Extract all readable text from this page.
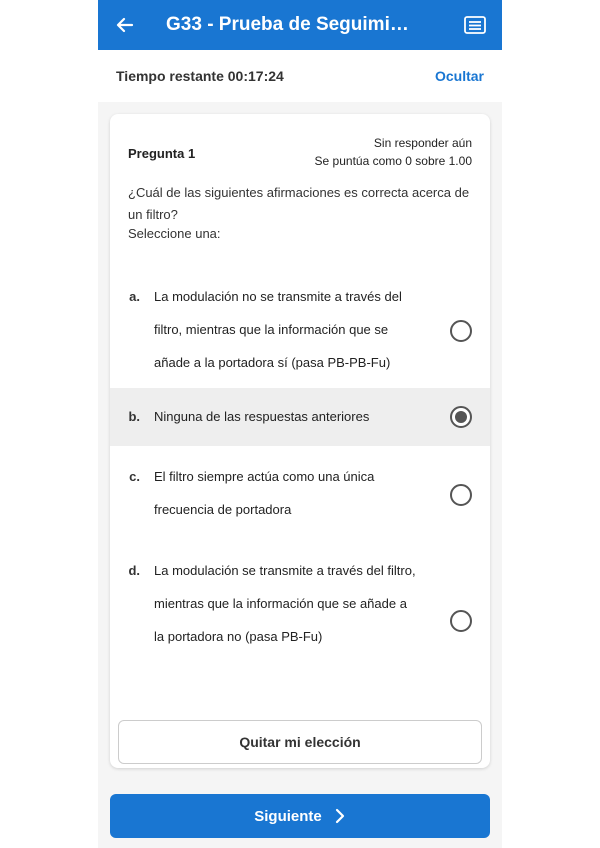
G33 - Prueba de Seguimi…
Tiempo restante 00:17:24	Ocultar
Pregunta 1
Sin responder aún
Se puntúa como 0 sobre 1.00
¿Cuál de las siguientes afirmaciones es correcta acerca de un filtro?
Seleccione una:
a.	La modulación no se transmite a través del filtro, mientras que la información que se añade a la portadora sí (pasa PB-PB-Fu)
b.	Ninguna de las respuestas anteriores
c.	El filtro siempre actúa como una única frecuencia de portadora
d.	La modulación se transmite a través del filtro, mientras que la información que se añade a la portadora no (pasa PB-Fu)
Quitar mi elección
Siguiente
